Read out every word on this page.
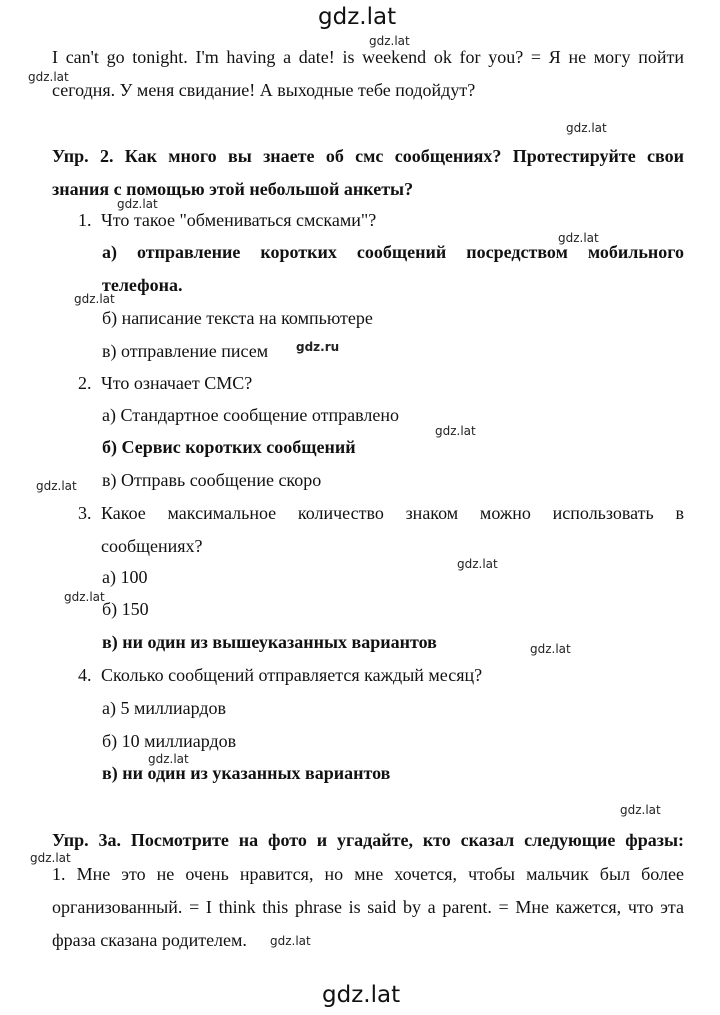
gdz.lat
I can't go tonight. I'm having a date! is weekend ok for you? = Я не могу пойти
сегодня. У меня свидание! А выходные тебе подойдут?
Упр. 2. Как много вы знаете об смс сообщениях? Протестируйте свои
знания с помощью этой небольшой анкеты?
1. Что такое "обмениваться смсками"?
а) отправление коротких сообщений посредством мобильного
телефона.
б) написание текста на компьютере
в) отправление писем
2. Что означает СМС?
а) Стандартное сообщение отправлено
б) Сервис коротких сообщений
в) Отправь сообщение скоро
3. Какое максимальное количество знаком можно использовать в
сообщениях?
а) 100
б) 150
в) ни один из вышеуказанных вариантов
4. Сколько сообщений отправляется каждый месяц?
а) 5 миллиардов
б) 10 миллиардов
в) ни один из указанных вариантов
Упр. 3а. Посмотрите на фото и угадайте, кто сказал следующие фразы:
1. Мне это не очень нравится, но мне хочется, чтобы мальчик был более
организованный. = I think this phrase is said by a parent. = Мне кажется, что эта
фраза сказана родителем.
gdz.lat
gdz.lat
gdz.lat
gdz.lat
gdz.lat
gdz.lat
gdz.ru
gdz.lat
gdz.lat
gdz.lat
gdz.lat
gdz.lat
gdz.lat
gdz.lat
gdz.lat
gdz.lat
gdz.lat
